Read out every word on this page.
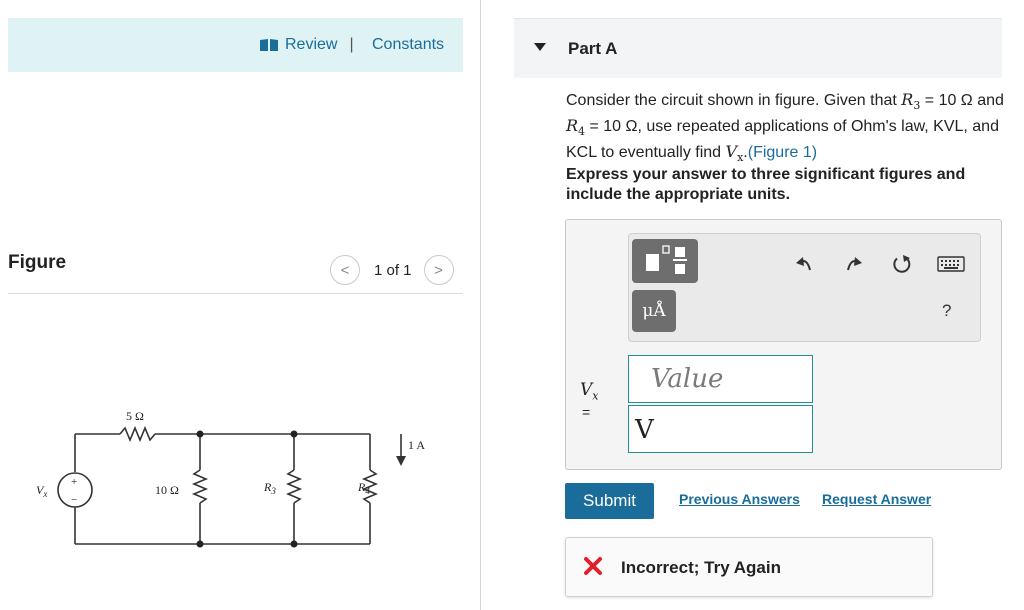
Review | Constants
Figure	< 1 of 1 >
5 Ω
10 Ω	$R_3$	$R_4$
1 A
$V_x$
+
−
Part A
Consider the circuit shown in figure. Given that $R_3 = 10$ Ω and $R_4 = 10$ Ω, use repeated applications of Ohm's law, KVL, and KCL to eventually find $V_x.(Figure$ 1)
Express your answer to three significant figures and include the appropriate units.
μÅ	?
$V_x$
=
Value
V
Submit	Previous Answers Request Answer
Incorrect; Try Again
